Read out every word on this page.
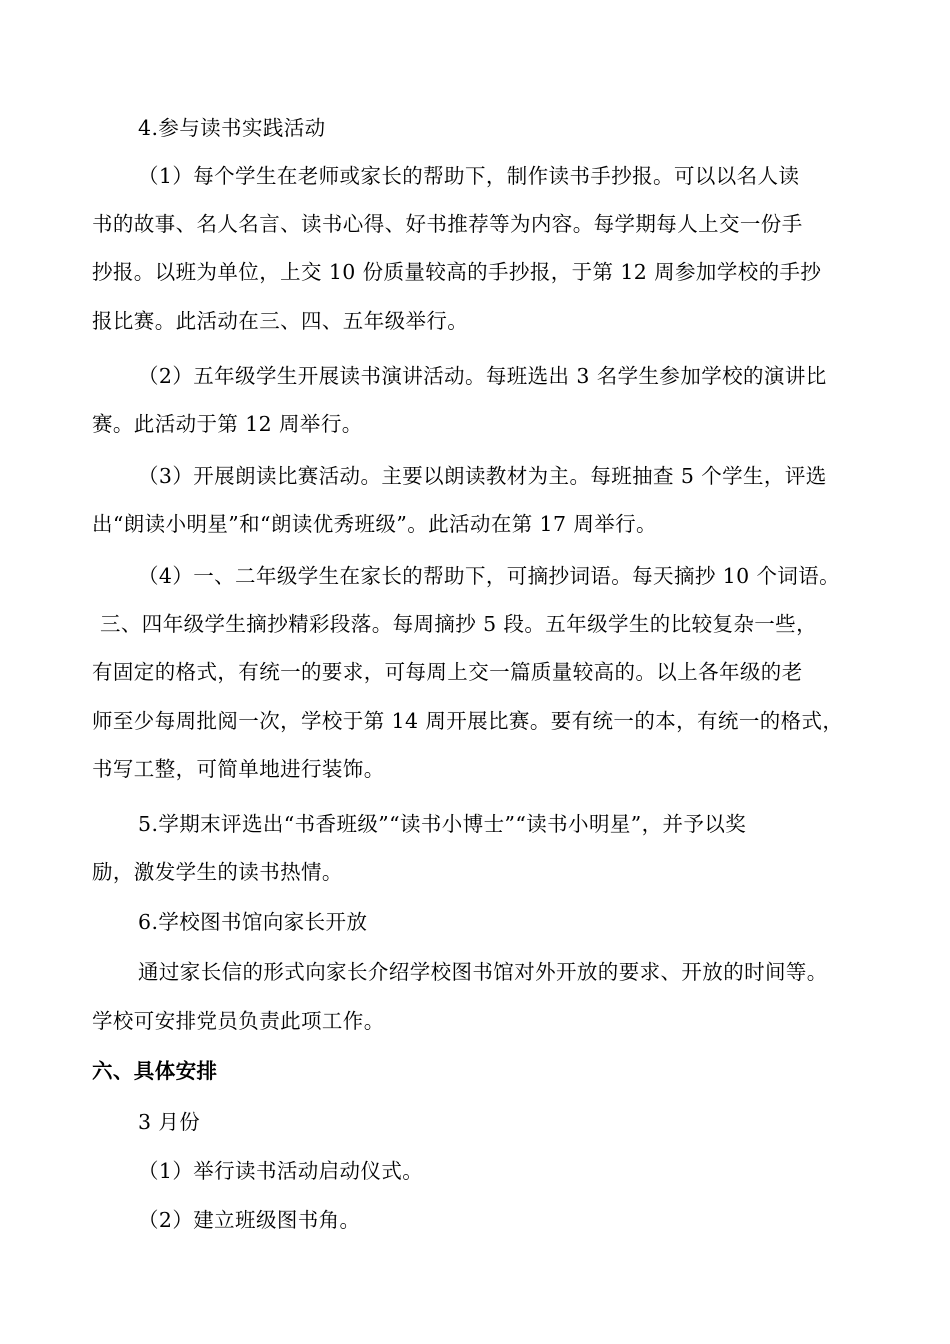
4.参与读书实践活动
（1）每个学生在老师或家长的帮助下，制作读书手抄报。可以以名人读
书的故事、名人名言、读书心得、好书推荐等为内容。每学期每人上交一份手
抄报。以班为单位，上交 10 份质量较高的手抄报，于第 12 周参加学校的手抄
报比赛。此活动在三、四、五年级举行。
（2）五年级学生开展读书演讲活动。每班选出 3 名学生参加学校的演讲比
赛。此活动于第 12 周举行。
（3）开展朗读比赛活动。主要以朗读教材为主。每班抽查 5 个学生，评选
出“朗读小明星”和“朗读优秀班级”。此活动在第 17 周举行。
（4）一、二年级学生在家长的帮助下，可摘抄词语。每天摘抄 10 个词语。
三、四年级学生摘抄精彩段落。每周摘抄 5 段。五年级学生的比较复杂一些，
有固定的格式，有统一的要求，可每周上交一篇质量较高的。以上各年级的老
师至少每周批阅一次，学校于第 14 周开展比赛。要有统一的本，有统一的格式，
书写工整，可简单地进行装饰。
5.学期末评选出“书香班级”“读书小博士”“读书小明星”，并予以奖
励，激发学生的读书热情。
6.学校图书馆向家长开放
通过家长信的形式向家长介绍学校图书馆对外开放的要求、开放的时间等。
学校可安排党员负责此项工作。
六、具体安排
3 月份
（1）举行读书活动启动仪式。
（2）建立班级图书角。
